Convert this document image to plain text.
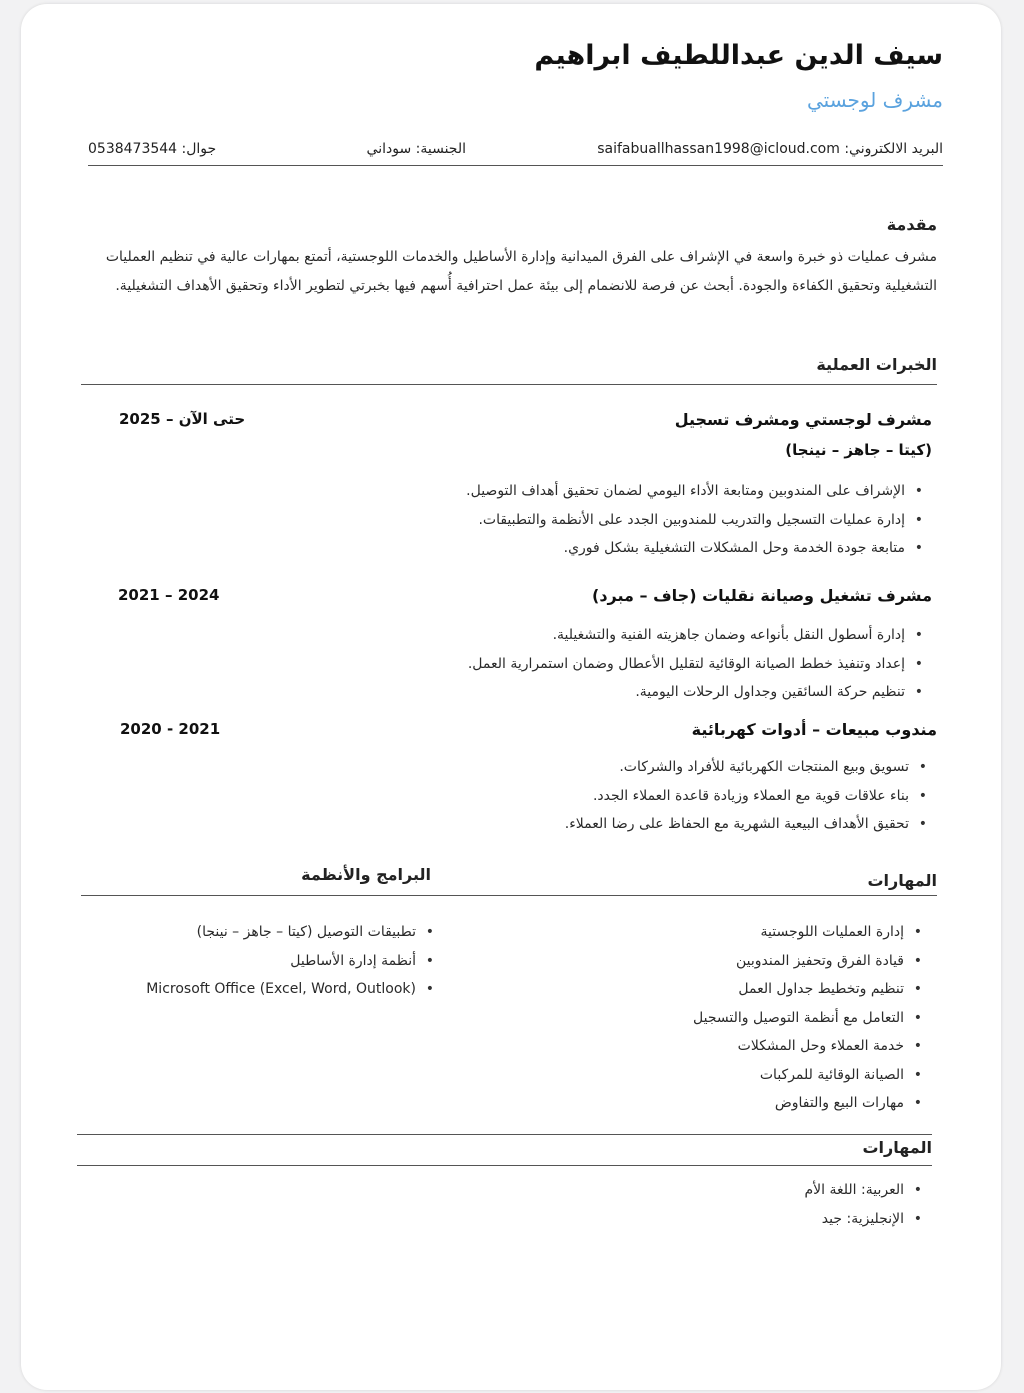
سيف الدين عبداللطيف ابراهيم
مشرف لوجستي
البريد الالكتروني: saifabuallhassan1998@icloud.com
الجنسية: سوداني
جوال: 0538473544
مقدمة
مشرف عمليات ذو خبرة واسعة في الإشراف على الفرق الميدانية وإدارة الأساطيل والخدمات اللوجستية، أتمتع بمهارات عالية في تنظيم العمليات التشغيلية وتحقيق الكفاءة والجودة. أبحث عن فرصة للانضمام إلى بيئة عمل احترافية أُسهم فيها بخبرتي لتطوير الأداء وتحقيق الأهداف التشغيلية.
الخبرات العملية
مشرف لوجستي ومشرف تسجيل
2025 – حتى الآن
(كيتا – جاهز – نينجا)
• الإشراف على المندوبين ومتابعة الأداء اليومي لضمان تحقيق أهداف التوصيل.
• إدارة عمليات التسجيل والتدريب للمندوبين الجدد على الأنظمة والتطبيقات.
• متابعة جودة الخدمة وحل المشكلات التشغيلية بشكل فوري.
مشرف تشغيل وصيانة نقليات (جاف – مبرد)
2021 – 2024
• إدارة أسطول النقل بأنواعه وضمان جاهزيته الفنية والتشغيلية.
• إعداد وتنفيذ خطط الصيانة الوقائية لتقليل الأعطال وضمان استمرارية العمل.
• تنظيم حركة السائقين وجداول الرحلات اليومية.
مندوب مبيعات – أدوات كهربائية
2020 - 2021
• تسويق وبيع المنتجات الكهربائية للأفراد والشركات.
• بناء علاقات قوية مع العملاء وزيادة قاعدة العملاء الجدد.
• تحقيق الأهداف البيعية الشهرية مع الحفاظ على رضا العملاء.
المهارات
البرامج والأنظمة
• إدارة العمليات اللوجستية
• قيادة الفرق وتحفيز المندوبين
• تنظيم وتخطيط جداول العمل
• التعامل مع أنظمة التوصيل والتسجيل
• خدمة العملاء وحل المشكلات
• الصيانة الوقائية للمركبات
• مهارات البيع والتفاوض
• تطبيقات التوصيل (كيتا – جاهز – نينجا)
• أنظمة إدارة الأساطيل
• Microsoft Office (Excel, Word, Outlook)
المهارات
• العربية: اللغة الأم
• الإنجليزية: جيد
